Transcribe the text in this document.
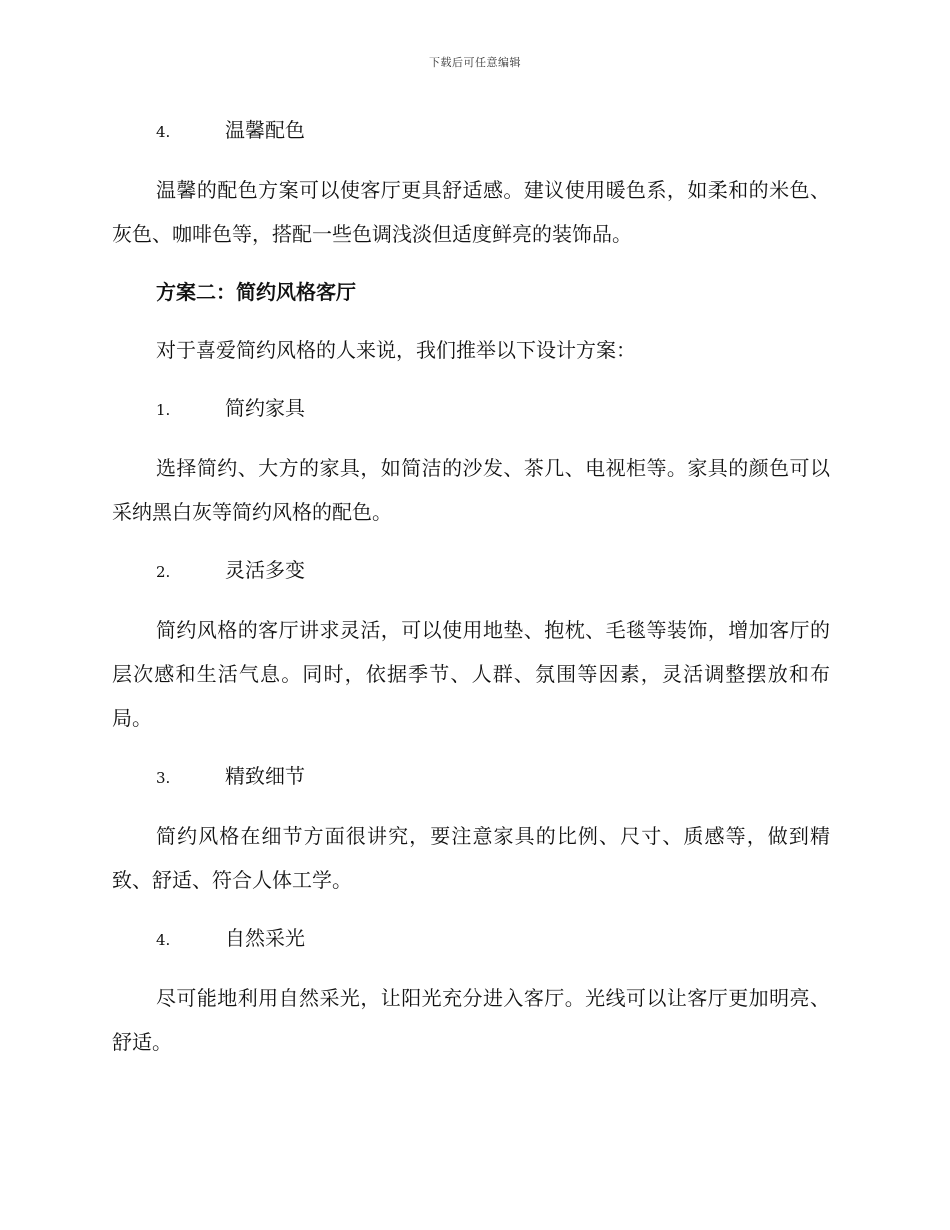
下载后可任意编辑
4.	温馨配色

温馨的配色方案可以使客厅更具舒适感。建议使用暖色系，如柔和的米色、灰色、咖啡色等，搭配一些色调浅淡但适度鲜亮的装饰品。

方案二：简约风格客厅

对于喜爱简约风格的人来说，我们推举以下设计方案：

1.	简约家具

选择简约、大方的家具，如简洁的沙发、茶几、电视柜等。家具的颜色可以采纳黑白灰等简约风格的配色。

2.	灵活多变

简约风格的客厅讲求灵活，可以使用地垫、抱枕、毛毯等装饰，增加客厅的层次感和生活气息。同时，依据季节、人群、氛围等因素，灵活调整摆放和布局。

3.	精致细节

简约风格在细节方面很讲究，要注意家具的比例、尺寸、质感等，做到精致、舒适、符合人体工学。

4.	自然采光

尽可能地利用自然采光，让阳光充分进入客厅。光线可以让客厅更加明亮、舒适。
